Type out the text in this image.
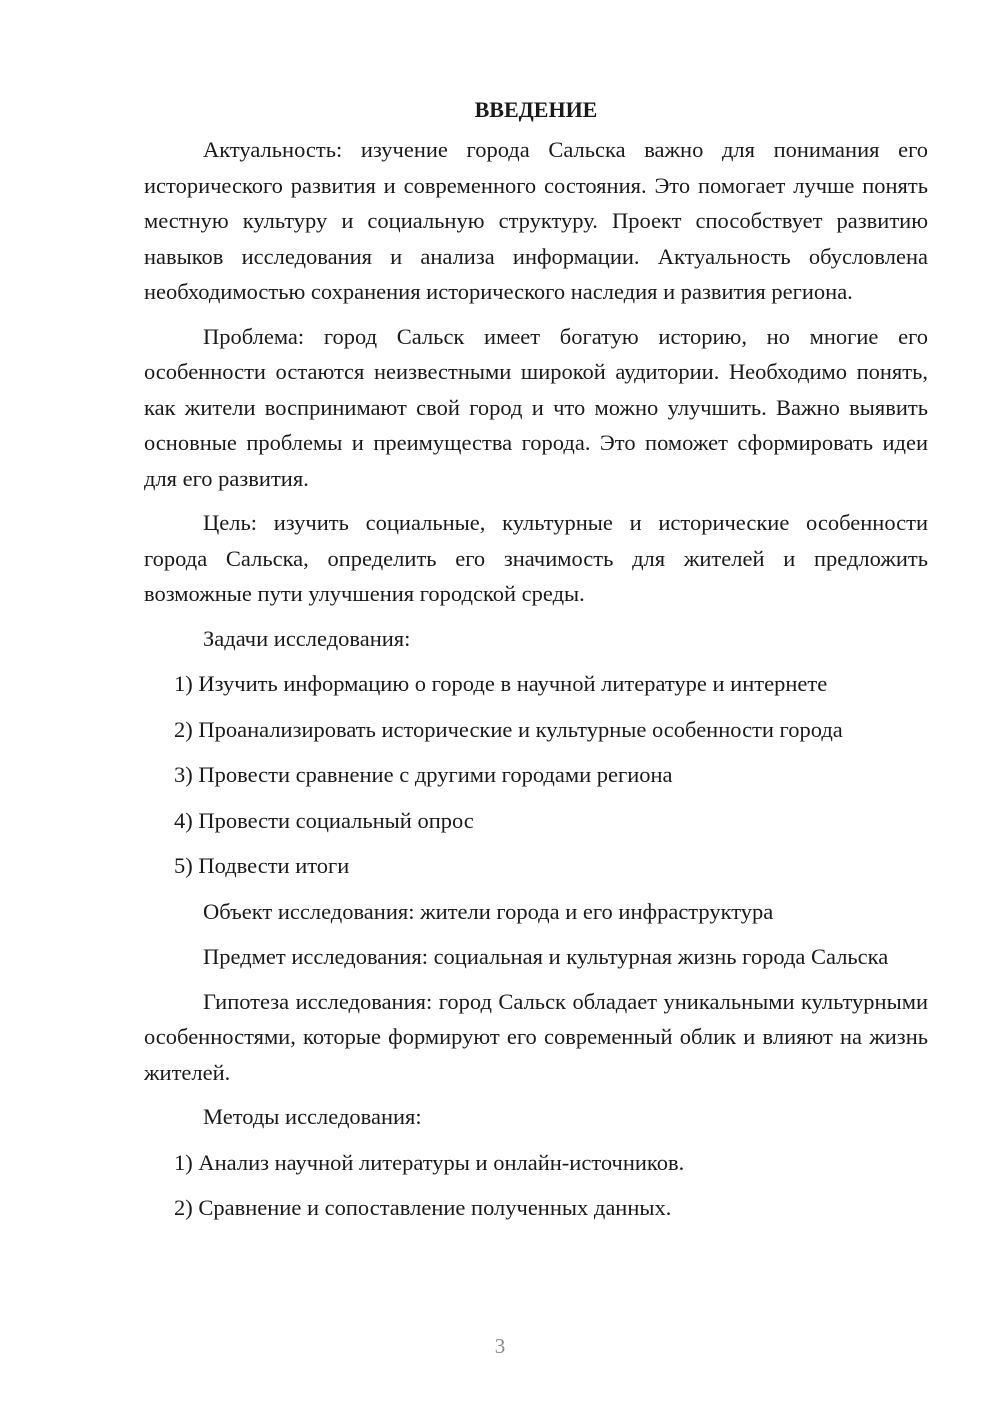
ВВЕДЕНИЕ

Актуальность: изучение города Сальска важно для понимания его исторического развития и современного состояния. Это помогает лучше понять местную культуру и социальную структуру. Проект способствует развитию навыков исследования и анализа информации. Актуальность обусловлена необходимостью сохранения исторического наследия и развития региона.

Проблема: город Сальск имеет богатую историю, но многие его особенности остаются неизвестными широкой аудитории. Необходимо понять, как жители воспринимают свой город и что можно улучшить. Важно выявить основные проблемы и преимущества города. Это поможет сформировать идеи для его развития.

Цель: изучить социальные, культурные и исторические особенности города Сальска, определить его значимость для жителей и предложить возможные пути улучшения городской среды.

Задачи исследования:
1) Изучить информацию о городе в научной литературе и интернете
2) Проанализировать исторические и культурные особенности города
3) Провести сравнение с другими городами региона
4) Провести социальный опрос
5) Подвести итоги
Объект исследования: жители города и его инфраструктура

Предмет исследования: социальная и культурная жизнь города Сальска

Гипотеза исследования: город Сальск обладает уникальными культурными особенностями, которые формируют его современный облик и влияют на жизнь жителей.

Методы исследования:
1) Анализ научной литературы и онлайн-источников.
2) Сравнение и сопоставление полученных данных.
3
